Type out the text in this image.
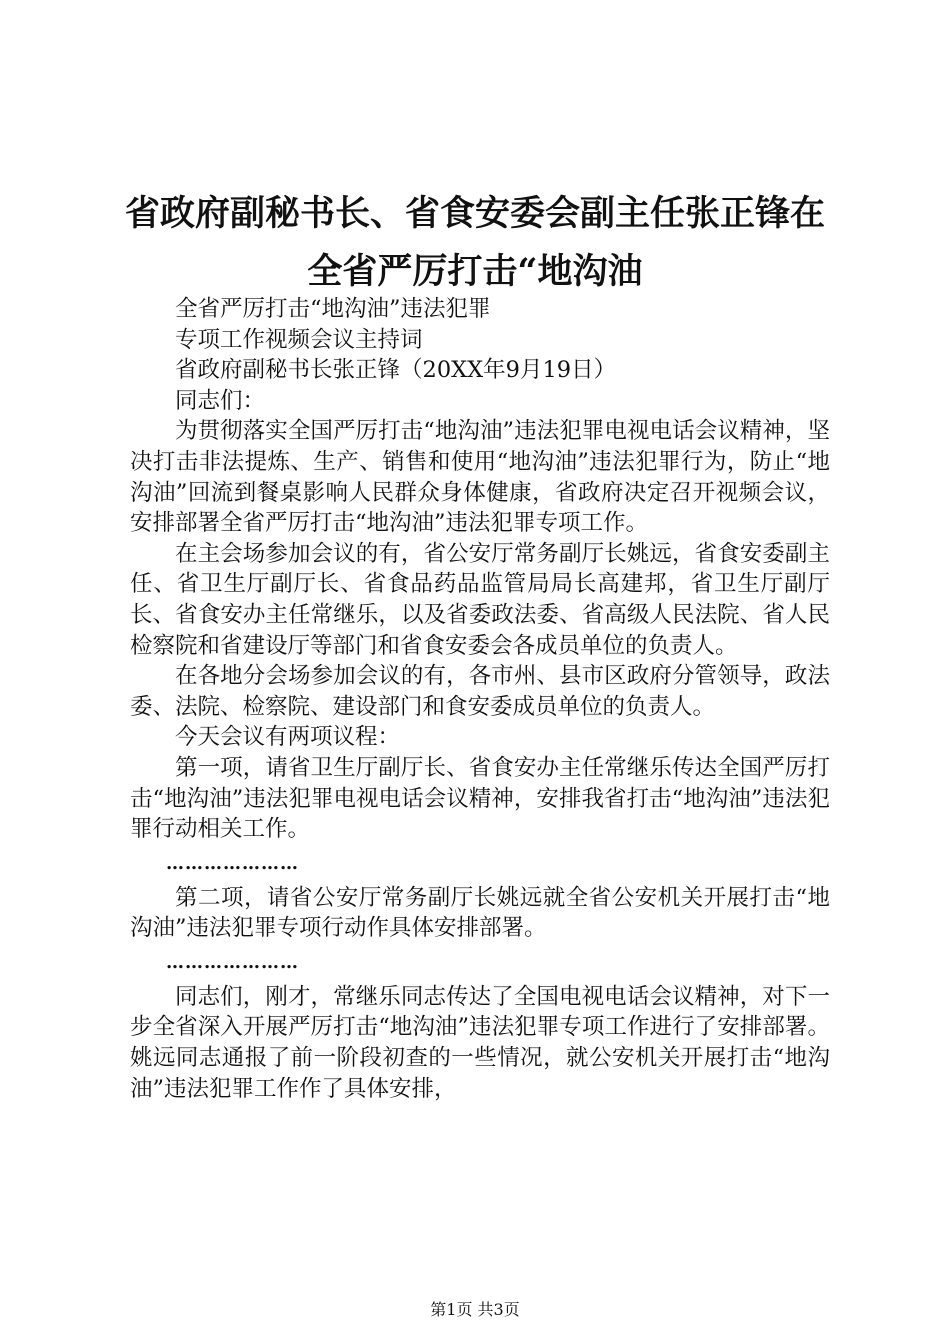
省政府副秘书长、省食安委会副主任张正锋在
全省严厉打击“地沟油

全省严厉打击“地沟油”违法犯罪

专项工作视频会议主持词

省政府副秘书长张正锋（20XX年9月19日）

同志们：

为贯彻落实全国严厉打击“地沟油”违法犯罪电视电话会议精神，坚决打击非法提炼、生产、销售和使用“地沟油”违法犯罪行为，防止“地沟油”回流到餐桌影响人民群众身体健康，省政府决定召开视频会议，安排部署全省严厉打击“地沟油”违法犯罪专项工作。

在主会场参加会议的有，省公安厅常务副厅长姚远，省食安委副主任、省卫生厅副厅长、省食品药品监管局局长高建邦，省卫生厅副厅长、省食安办主任常继乐，以及省委政法委、省高级人民法院、省人民检察院和省建设厅等部门和省食安委会各成员单位的负责人。

在各地分会场参加会议的有，各市州、县市区政府分管领导，政法委、法院、检察院、建设部门和食安委成员单位的负责人。

今天会议有两项议程：

第一项，请省卫生厅副厅长、省食安办主任常继乐传达全国严厉打击“地沟油”违法犯罪电视电话会议精神，安排我省打击“地沟油”违法犯罪行动相关工作。

…………………

第二项，请省公安厅常务副厅长姚远就全省公安机关开展打击“地沟油”违法犯罪专项行动作具体安排部署。

…………………

同志们，刚才，常继乐同志传达了全国电视电话会议精神，对下一步全省深入开展严厉打击“地沟油”违法犯罪专项工作进行了安排部署。姚远同志通报了前一阶段初查的一些情况，就公安机关开展打击“地沟油”违法犯罪工作作了具体安排，

第1页 共3页
